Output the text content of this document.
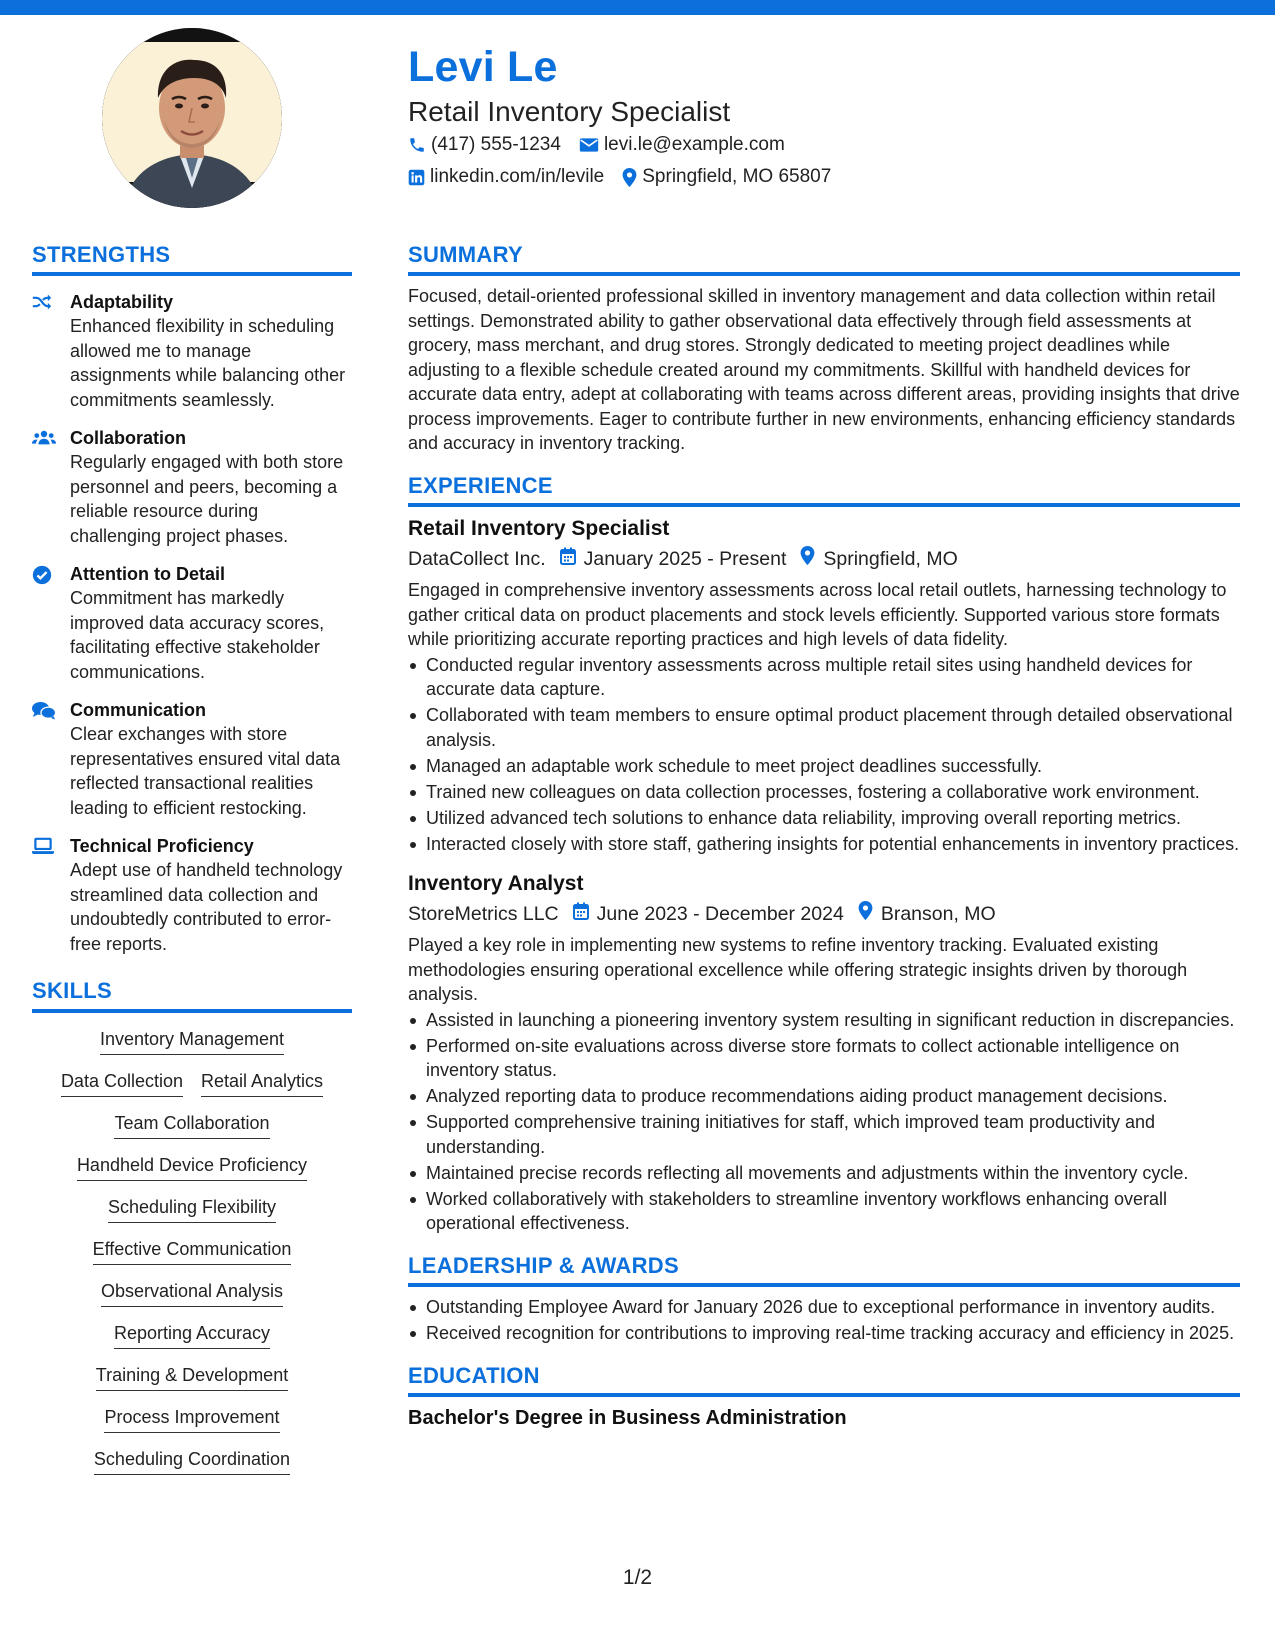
Levi Le
Retail Inventory Specialist
(417) 555-1234 levi.le@example.com
linkedin.com/in/levile Springfield, MO 65807
STRENGTHS
Adaptability
Enhanced flexibility in scheduling allowed me to manage assignments while balancing other commitments seamlessly.
Collaboration
Regularly engaged with both store personnel and peers, becoming a reliable resource during challenging project phases.
Attention to Detail
Commitment has markedly improved data accuracy scores, facilitating effective stakeholder communications.
Communication
Clear exchanges with store representatives ensured vital data reflected transactional realities leading to efficient restocking.
Technical Proficiency
Adept use of handheld technology streamlined data collection and undoubtedly contributed to error-free reports.
SKILLS
Inventory Management
Data Collection Retail Analytics
Team Collaboration
Handheld Device Proficiency
Scheduling Flexibility
Effective Communication
Observational Analysis
Reporting Accuracy
Training & Development
Process Improvement
Scheduling Coordination
SUMMARY
Focused, detail-oriented professional skilled in inventory management and data collection within retail settings. Demonstrated ability to gather observational data effectively through field assessments at grocery, mass merchant, and drug stores. Strongly dedicated to meeting project deadlines while adjusting to a flexible schedule created around my commitments. Skillful with handheld devices for accurate data entry, adept at collaborating with teams across different areas, providing insights that drive process improvements. Eager to contribute further in new environments, enhancing efficiency standards and accuracy in inventory tracking.
EXPERIENCE
Retail Inventory Specialist
DataCollect Inc. January 2025 - Present Springfield, MO
Engaged in comprehensive inventory assessments across local retail outlets, harnessing technology to gather critical data on product placements and stock levels efficiently. Supported various store formats while prioritizing accurate reporting practices and high levels of data fidelity.
Conducted regular inventory assessments across multiple retail sites using handheld devices for accurate data capture.
Collaborated with team members to ensure optimal product placement through detailed observational analysis.
Managed an adaptable work schedule to meet project deadlines successfully.
Trained new colleagues on data collection processes, fostering a collaborative work environment.
Utilized advanced tech solutions to enhance data reliability, improving overall reporting metrics.
Interacted closely with store staff, gathering insights for potential enhancements in inventory practices.
Inventory Analyst
StoreMetrics LLC June 2023 - December 2024 Branson, MO
Played a key role in implementing new systems to refine inventory tracking. Evaluated existing methodologies ensuring operational excellence while offering strategic insights driven by thorough analysis.
Assisted in launching a pioneering inventory system resulting in significant reduction in discrepancies.
Performed on-site evaluations across diverse store formats to collect actionable intelligence on inventory status.
Analyzed reporting data to produce recommendations aiding product management decisions.
Supported comprehensive training initiatives for staff, which improved team productivity and understanding.
Maintained precise records reflecting all movements and adjustments within the inventory cycle.
Worked collaboratively with stakeholders to streamline inventory workflows enhancing overall operational effectiveness.
LEADERSHIP & AWARDS
Outstanding Employee Award for January 2026 due to exceptional performance in inventory audits.
Received recognition for contributions to improving real-time tracking accuracy and efficiency in 2025.
EDUCATION
Bachelor's Degree in Business Administration
1/2
